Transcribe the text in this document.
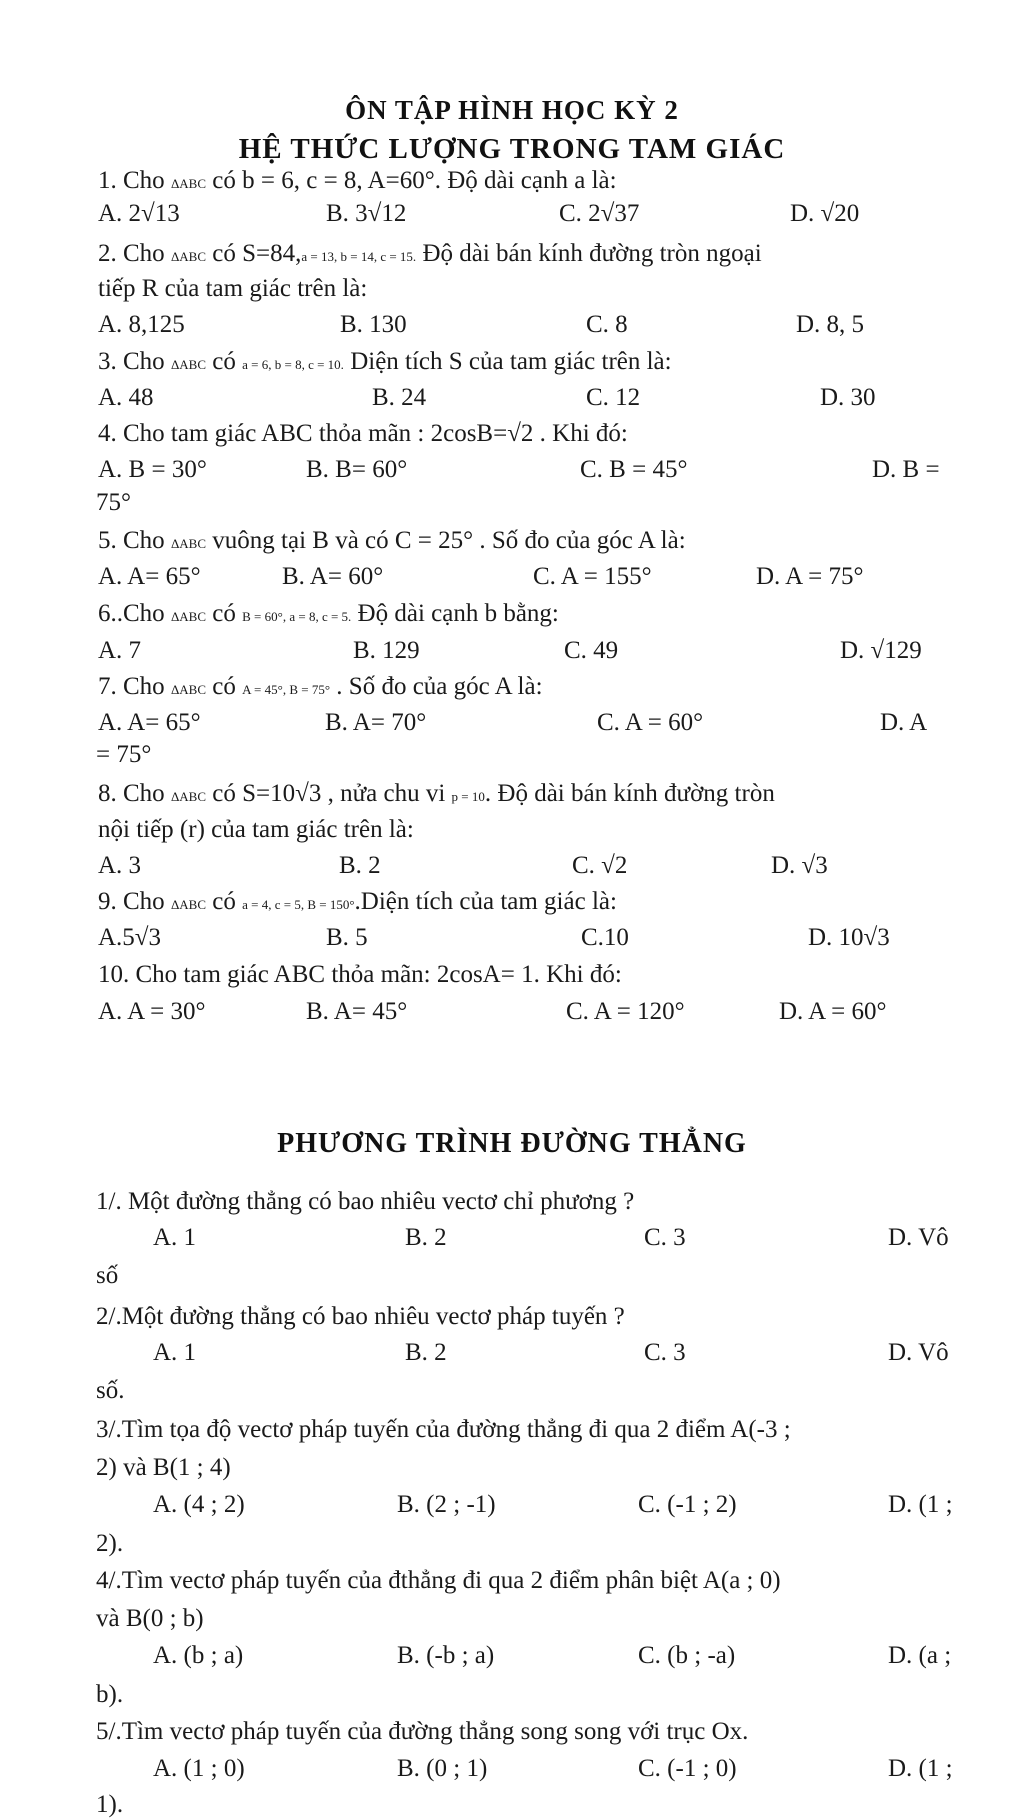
ÔN TẬP HÌNH HỌC KỲ 2
HỆ THỨC LƯỢNG TRONG TAM GIÁC
1. Cho ΔABC có b = 6, c = 8, A=60°. Độ dài cạnh a là:
A. 2√13	B. 3√12	C. 2√37	D. √20
2. Cho ΔABC có S=84,a = 13, b = 14, c = 15. Độ dài bán kính đường tròn ngoại
tiếp R của tam giác trên là:
A. 8,125	B. 130	C. 8	D. 8, 5
3. Cho ΔABC có a = 6, b = 8, c = 10. Diện tích S của tam giác trên là:
A. 48	B. 24	C. 12	D. 30
4. Cho tam giác ABC thỏa mãn : 2cosB=√2 . Khi đó:
A. B = 30°	B. B= 60°	C. B = 45°	D. B =
75°
5. Cho ΔABC vuông tại B và có C = 25° . Số đo của góc A là:
A. A= 65°	B. A= 60°	C. A = 155°	D. A = 75°
6..Cho ΔABC có B = 60°, a = 8, c = 5. Độ dài cạnh b bằng:
A. 7	B. 129	C. 49	D. √129
7. Cho ΔABC có A = 45°, B = 75° . Số đo của góc A là:
A. A= 65°	B. A= 70°	C. A = 60°	D. A
= 75°
8. Cho ΔABC có S=10√3 , nửa chu vi p = 10. Độ dài bán kính đường tròn
nội tiếp (r) của tam giác trên là:
A. 3	B. 2	C. √2	D. √3
9. Cho ΔABC có a = 4, c = 5, B = 150°.Diện tích của tam giác là:
A.5√3	B. 5	C.10	D. 10√3
10. Cho tam giác ABC thỏa mãn: 2cosA= 1. Khi đó:
A. A = 30°	B. A= 45°	C. A = 120°	D. A = 60°
PHƯƠNG TRÌNH ĐƯỜNG THẲNG
1/. Một đường thẳng có bao nhiêu vectơ chỉ phương ?
A. 1	B. 2	C. 3	D. Vô
số
2/.Một đường thẳng có bao nhiêu vectơ pháp tuyến ?
A. 1	B. 2	C. 3	D. Vô
số.
3/.Tìm tọa độ vectơ pháp tuyến của đường thẳng đi qua 2 điểm A(-3 ;
2) và B(1 ; 4)
A. (4 ; 2)	B. (2 ; -1)	C. (-1 ; 2)	D. (1 ;
2).
4/.Tìm vectơ pháp tuyến của đthẳng đi qua 2 điểm phân biệt A(a ; 0)
và B(0 ; b)
A. (b ; a)	B. (-b ; a)	C. (b ; -a)	D. (a ;
b).
5/.Tìm vectơ pháp tuyến của đường thẳng song song với trục Ox.
A. (1 ; 0)	B. (0 ; 1)	C. (-1 ; 0)	D. (1 ;
1).
